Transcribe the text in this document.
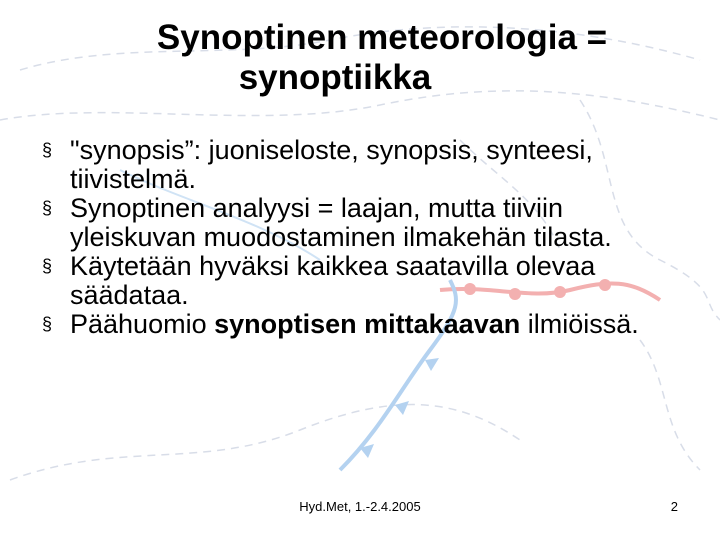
Synoptinen meteorologia =
synoptiikka
§ "synopsis”: juoniseloste, synopsis, synteesi, tiivistelmä.
§ Synoptinen analyysi = laajan, mutta tiiviin yleiskuvan muodostaminen ilmakehän tilasta.
§ Käytetään hyväksi kaikkea saatavilla olevaa säädataa.
§ Päähuomio synoptisen mittakaavan ilmiöissä.
Hyd.Met, 1.-2.4.2005	2
